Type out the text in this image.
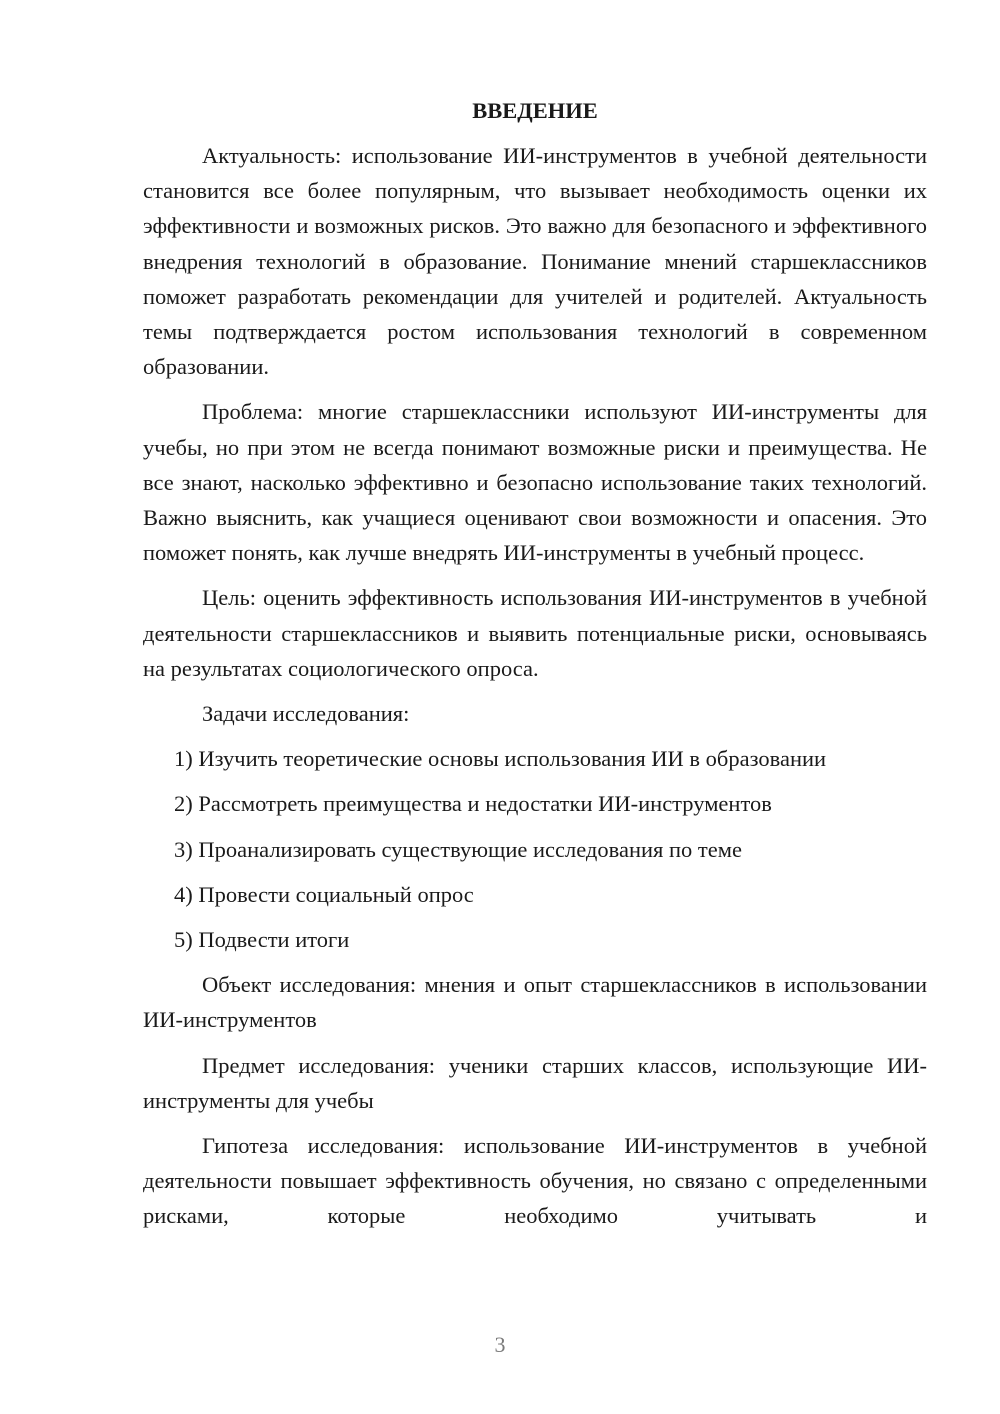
ВВЕДЕНИЕ

Актуальность: использование ИИ-инструментов в учебной деятельности становится все более популярным, что вызывает необходимость оценки их эффективности и возможных рисков. Это важно для безопасного и эффективного внедрения технологий в образование. Понимание мнений старшеклассников поможет разработать рекомендации для учителей и родителей. Актуальность темы подтверждается ростом использования технологий в современном образовании.

Проблема: многие старшеклассники используют ИИ-инструменты для учебы, но при этом не всегда понимают возможные риски и преимущества. Не все знают, насколько эффективно и безопасно использование таких технологий. Важно выяснить, как учащиеся оценивают свои возможности и опасения. Это поможет понять, как лучше внедрять ИИ-инструменты в учебный процесс.

Цель: оценить эффективность использования ИИ-инструментов в учебной деятельности старшеклассников и выявить потенциальные риски, основываясь на результатах социологического опроса.

Задачи исследования:

1) Изучить теоретические основы использования ИИ в образовании
2) Рассмотреть преимущества и недостатки ИИ-инструментов
3) Проанализировать существующие исследования по теме
4) Провести социальный опрос
5) Подвести итоги

Объект исследования: мнения и опыт старшеклассников в использовании ИИ-инструментов

Предмет исследования: ученики старших классов, использующие ИИ-инструменты для учебы

Гипотеза исследования: использование ИИ-инструментов в учебной деятельности повышает эффективность обучения, но связано с определенными рисками, которые необходимо учитывать и

3
